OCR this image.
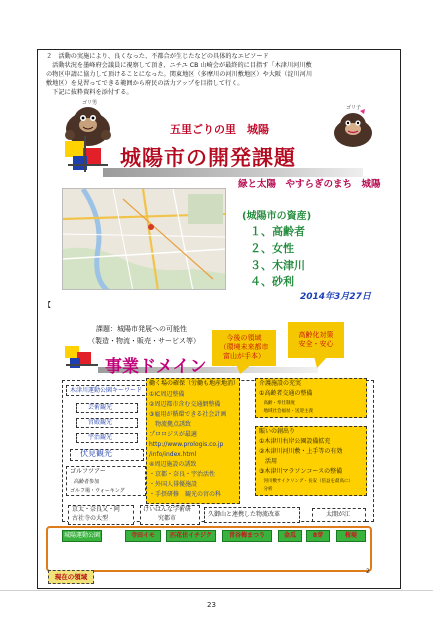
２　活動の実施により、良くなった、不都合が生じたなどの具体的なエピソード
　活動状況を墨峰府会議員に視察して頂き、ニチユ CB 山崎会が最終的に目指す「木津川河川敷
の物区申請に協力して頂けることになった。関東地区（多摩川の河川敷地区）や大阪（淀川河川
敷地区）を見習ってできる範囲から府民の活力アップを目指して行く。
　下記に抜粋資料を添付する。
ゴリ男
ゴリ子
五里ごりの里　城陽
城陽市の開発課題
緑と太陽　やすらぎのまち　城陽
(城陽市の資産)
１、高齢者
２、女性
３、木津川
４、砂利
2014年3月27日
【
課題：城陽市発展への可能性
（製造・物流・販売・サービス等）
事業ドメイン
今後の領域
（環境未来都市
富山が手本）
高齢化対策
安全・安心
木津川運動公園キーワード
芸術観光
宮殿観光
宇治観光
伏見観光
ゴルフツアー
高齢者参加
ゴルフ場・ウォーキング
働く場の確保（労働も地産地消）
①IC周辺整備
②周辺都市含む交通網整備
③雇用が循環できる社会計画
　物流拠点誘致
プロロジスが最適
http://www.prologis.co.jp
/info/index.html
④周辺施設の誘致
・京都・奈良・宇治活性
・外国人俳優施設
・手摂研修　観光の宮の科
介護施設の充実
①高齢者交通の整備
　高齢・奉仕制度
　地域社会福祉・送迎主義
賑いの創出り
①木津川右岸公園設備拡充
②木津川河川敷・上手等の有効
　活用
③木津川マラソンコースの整備
　河川敷サイクリング・長安（倍益を最高に）
　分析
京太・奈良又・阿
古社寺の大型
けいはんな学術研
究都市
久御山と連携した物流改革	太閤が江
城陽運動公園	寺田イモ	匹花住イチジク	青谷梅まつり	金瓜	8芽	桜堤
現在の領域
2
23
